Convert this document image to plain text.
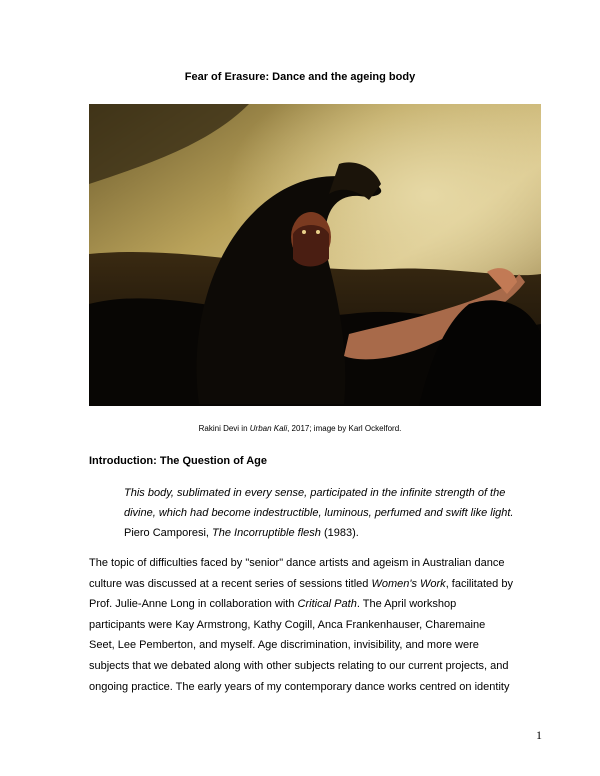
Fear of Erasure: Dance and the ageing body
Rakini Devi in Urban Kali, 2017; image by Karl Ockelford.
Introduction: The Question of Age
This body, sublimated in every sense, participated in the infinite strength of the
divine, which had become indestructible, luminous, perfumed and swift like light.
Piero Camporesi, The Incorruptible flesh (1983).
The topic of difficulties faced by "senior" dance artists and ageism in Australian dance
culture was discussed at a recent series of sessions titled Women's Work, facilitated by
Prof. Julie-Anne Long in collaboration with Critical Path. The April workshop
participants were Kay Armstrong, Kathy Cogill, Anca Frankenhauser, Charemaine
Seet, Lee Pemberton, and myself. Age discrimination, invisibility, and more were
subjects that we debated along with other subjects relating to our current projects, and
ongoing practice. The early years of my contemporary dance works centred on identity
1
